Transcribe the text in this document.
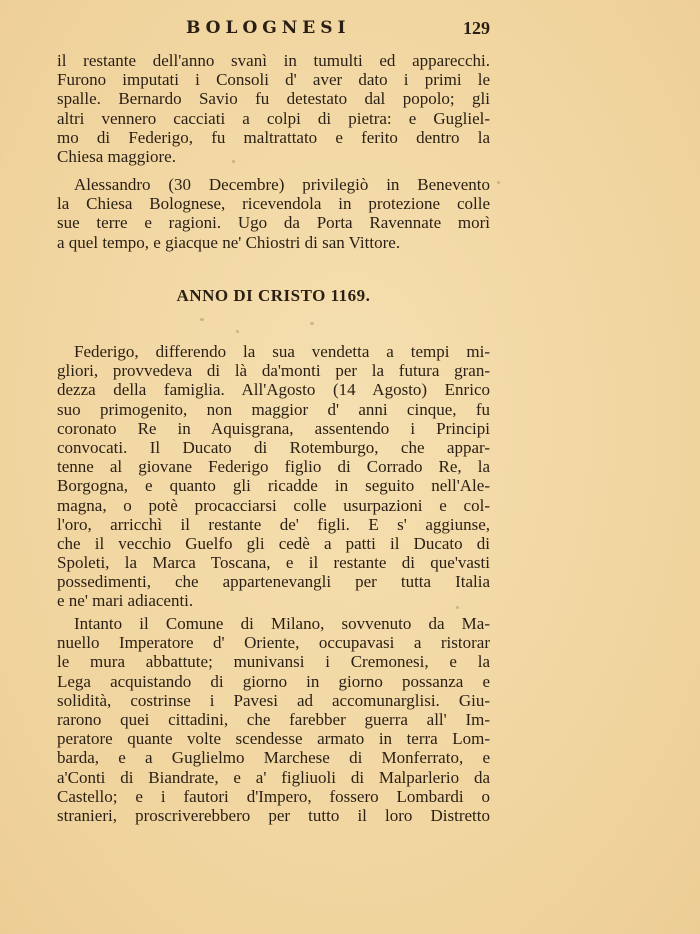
BOLOGNESI	129
il restante dell'anno svanì in tumulti ed apparecchi.
Furono imputati i Consoli d' aver dato i primi le
spalle. Bernardo Savio fu detestato dal popolo; gli
altri vennero cacciati a colpi di pietra: e Gugliel-
mo di Federigo, fu maltrattato e ferito dentro la
Chiesa maggiore.
Alessandro (30 Decembre) privilegiò in Benevento
la Chiesa Bolognese, ricevendola in protezione colle
sue terre e ragioni. Ugo da Porta Ravennate morì
a quel tempo, e giacque ne' Chiostri di san Vittore.
ANNO DI CRISTO 1169.
Federigo, differendo la sua vendetta a tempi mi-
gliori, provvedeva di là da'monti per la futura gran-
dezza della famiglia. All'Agosto (14 Agosto) Enrico
suo primogenito, non maggior d' anni cinque, fu
coronato Re in Aquisgrana, assentendo i Principi
convocati. Il Ducato di Rotemburgo, che appar-
tenne al giovane Federigo figlio di Corrado Re, la
Borgogna, e quanto gli ricadde in seguito nell'Ale-
magna, o potè procacciarsi colle usurpazioni e col-
l'oro, arricchì il restante de' figli. E s' aggiunse,
che il vecchio Guelfo gli cedè a patti il Ducato di
Spoleti, la Marca Toscana, e il restante di que'vasti
possedimenti, che appartenevangli per tutta Italia
e ne' mari adiacenti.
Intanto il Comune di Milano, sovvenuto da Ma-
nuello Imperatore d' Oriente, occupavasi a ristorar
le mura abbattute; munivansi i Cremonesi, e la
Lega acquistando di giorno in giorno possanza e
solidità, costrinse i Pavesi ad accomunarglisi. Giu-
rarono quei cittadini, che farebber guerra all' Im-
peratore quante volte scendesse armato in terra Lom-
barda, e a Guglielmo Marchese di Monferrato, e
a'Conti di Biandrate, e a' figliuoli di Malparlerio da
Castello; e i fautori d'Impero, fossero Lombardi o
stranieri, proscriverebbero per tutto il loro Distretto
